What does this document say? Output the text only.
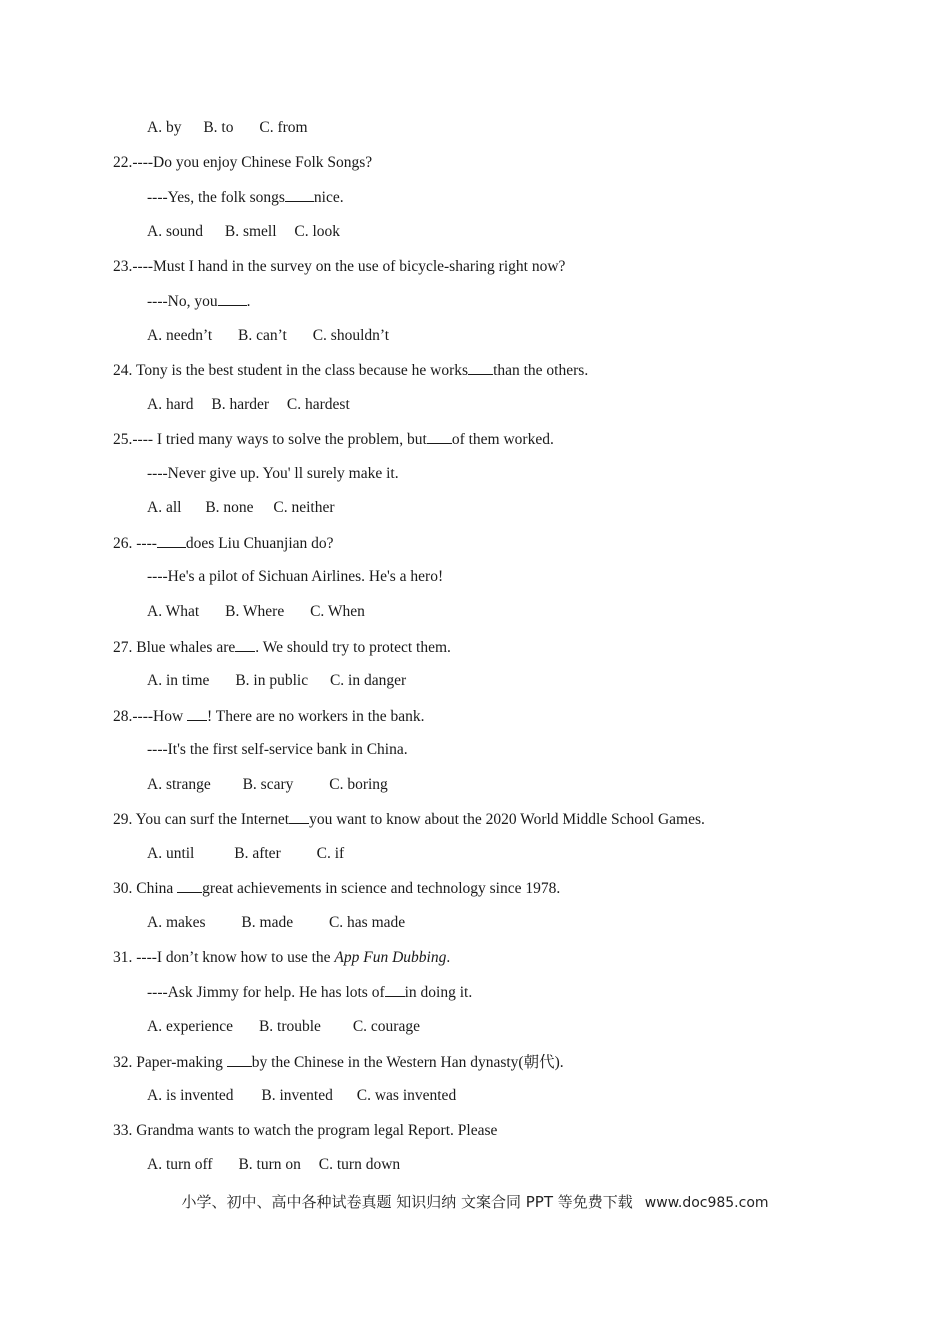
A. by B. to C. from
22.----Do you enjoy Chinese Folk Songs?
----Yes, the folk songs nice.
A. sound B. smell C. look
23.----Must I hand in the survey on the use of bicycle-sharing right now?
----No, you .
A. needn’t B. can’t C. shouldn’t
24. Tony is the best student in the class because he works than the others.
A. hard B. harder C. hardest
25.---- I tried many ways to solve the problem, but of them worked.
----Never give up. You' ll surely make it.
A. all B. none C. neither
26. ---- does Liu Chuanjian do?
----He's a pilot of Sichuan Airlines. He's a hero!
A. What B. Where C. When
27. Blue whales are . We should try to protect them.
A. in time B. in public C. in danger
28.----How ! There are no workers in the bank.
----It's the first self-service bank in China.
A. strange B. scary C. boring
29. You can surf the Internet you want to know about the 2020 World Middle School Games.
A. until	B. after C. if
30. China great achievements in science and technology since 1978.
A. makes B. made C. has made
31. ----I don’t know how to use the App Fun Dubbing.
----Ask Jimmy for help. He has lots of in doing it.
A. experience B. trouble C. courage
32. Paper-making by the Chinese in the Western Han dynasty(朝代).
A. is invented B. invented C. was invented
33. Grandma wants to watch the program legal Report. Please
A. turn off B. turn on C. turn down
小学、初中、高中各种试卷真题 知识归纳 文案合同 PPT 等免费下载 www.doc985.com
